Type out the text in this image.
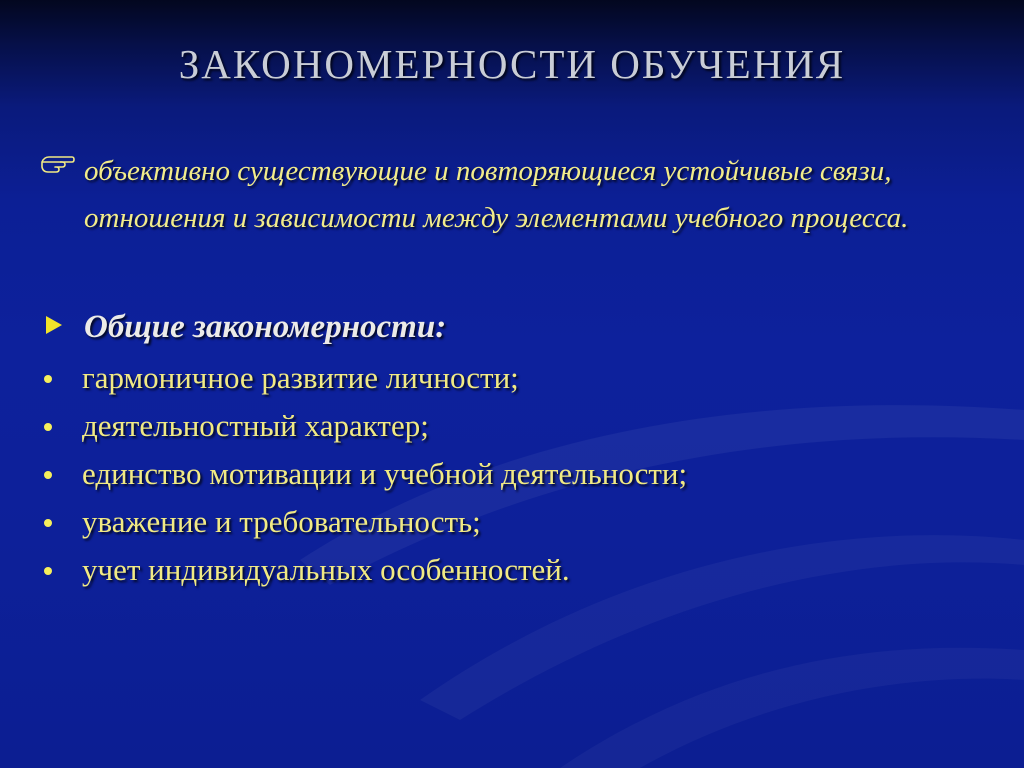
ЗАКОНОМЕРНОСТИ ОБУЧЕНИЯ
объективно существующие и повторяющиеся устойчивые связи, отношения и зависимости между элементами учебного процесса.
Общие закономерности:
гармоничное развитие личности;
деятельностный характер;
единство мотивации и учебной деятельности;
уважение и требовательность;
учет индивидуальных особенностей.
